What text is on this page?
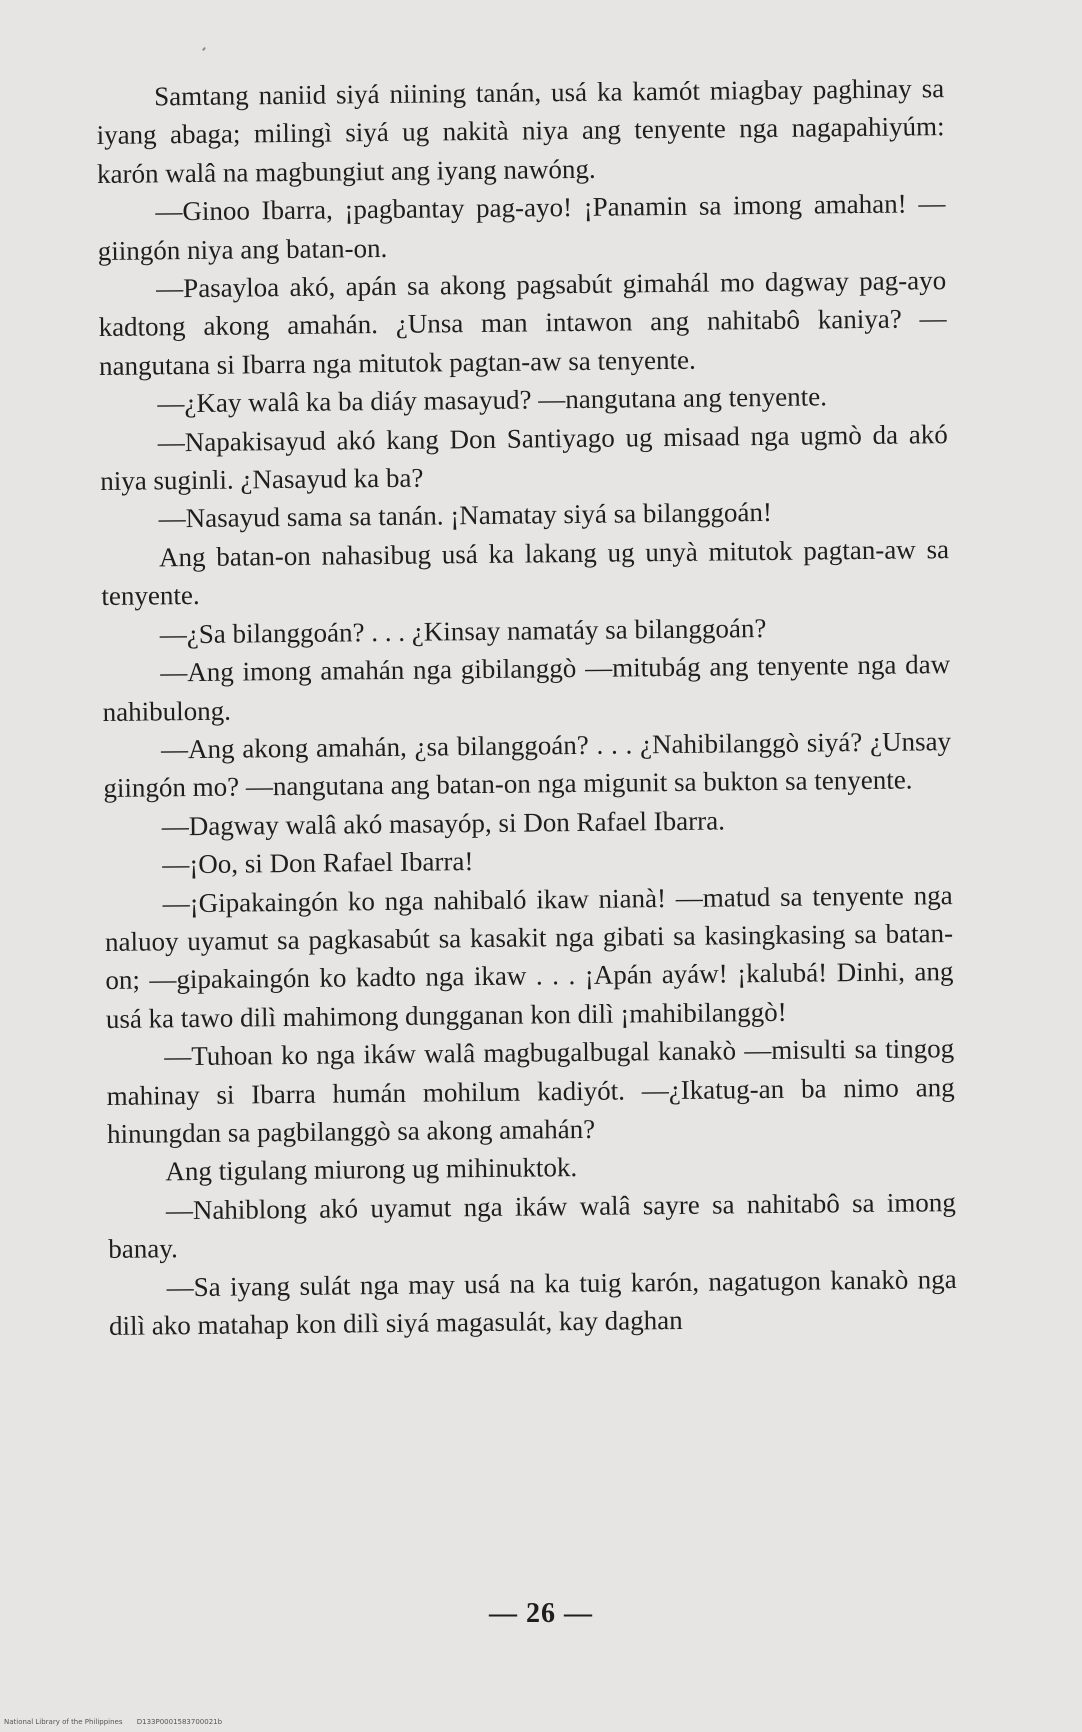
Samtang naniid siyá niining tanán, usá ka kamót miagbay paghinay sa iyang abaga; milingì siyá ug nakità niya ang tenyente nga nagapahiyúm: karón walâ na magbungiut ang iyang nawóng.

—Ginoo Ibarra, ¡pagbantay pag-ayo! ¡Panamin sa imong amahan! —giingón niya ang batan-on.

—Pasayloa akó, apán sa akong pagsabút gimahál mo dagway pag-ayo kadtong akong amahán. ¿Unsa man intawon ang nahitabô kaniya? —nangutana si Ibarra nga mitutok pagtan-aw sa tenyente.

—¿Kay walâ ka ba diáy masayud? —nangutana ang tenyente.

—Napakisayud akó kang Don Santiyago ug misaad nga ugmò da akó niya suginli. ¿Nasayud ka ba?

—Nasayud sama sa tanán. ¡Namatay siyá sa bilanggoán!

Ang batan-on nahasibug usá ka lakang ug unyà mitutok pagtan-aw sa tenyente.

—¿Sa bilanggoán? . . . ¿Kinsay namatáy sa bilanggoán?

—Ang imong amahán nga gibilanggò —mitubág ang tenyente nga daw nahibulong.

—Ang akong amahán, ¿sa bilanggoán? . . . ¿Nahibilanggò siyá? ¿Unsay giingón mo? —nangutana ang batan-on nga migunit sa bukton sa tenyente.

—Dagway walâ akó masayóp, si Don Rafael Ibarra.

—¡Oo, si Don Rafael Ibarra!

—¡Gipakaingón ko nga nahibaló ikaw nianà! —matud sa tenyente nga naluoy uyamut sa pagkasabút sa kasakit nga gibati sa kasingkasing sa batan-on; —gipakaingón ko kadto nga ikaw . . . ¡Apán ayáw! ¡kalubá! Dinhi, ang usá ka tawo dilì mahimong dungganan kon dilì ¡mahibilanggò!

—Tuhoan ko nga ikáw walâ magbugalbugal kanakò —misulti sa tingog mahinay si Ibarra humán mohilum kadiyót. —¿Ikatug-an ba nimo ang hinungdan sa pagbilanggò sa akong amahán?

Ang tigulang miurong ug mihinuktok.

—Nahiblong akó uyamut nga ikáw walâ sayre sa nahitabô sa imong banay.

—Sa iyang sulát nga may usá na ka tuig karón, nagatugon kanakò nga dilì ako matahap kon dilì siyá magasulát, kay daghan

— 26 —
National Library of the Philippines D133P0001583700021b
